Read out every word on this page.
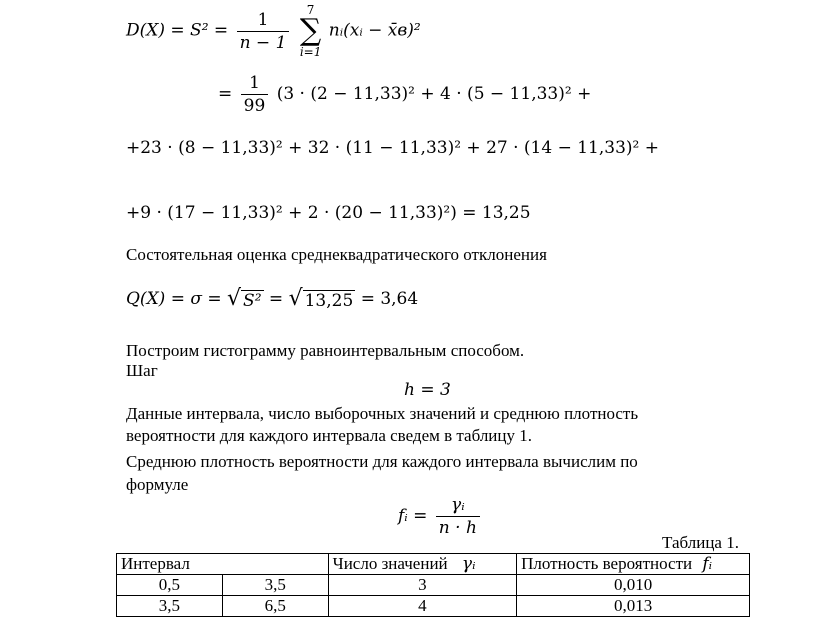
$D(X) = S^2 = \frac{1}{n - 1}$
7
∑
i=1
nᵢ(xᵢ − x̄в)²
= $\frac{1}{99} (3 \cdot (2 - 11,33)^2 + 4 \cdot (5 - 11,33)^2$ +
+23 · (8 − 11,33)² + 32 · (11 − 11,33)² + 27 · (14 − 11,33)² +
+9 · (17 − 11,33)² + 2 · (20 − 11,33)²) = 13,25
Состоятельная оценка среднеквадратического отклонения
Q(X) = σ = √ S² = √ 13,25 = 3,64
Построим гистограмму равноинтервальным способом.
Шаг
h = 3
Данные интервала, число выборочных значений и среднюю плотность
вероятности для каждого интервала сведем в таблицу 1.
Среднюю плотность вероятности для каждого интервала вычислим по
формуле
fᵢ = $\frac{\text{γᵢ}}{n \cdot h}$
Таблица 1.
Интервал		Число значений γᵢ	Плотность вероятности fᵢ
0,5	3,5	3	0,010
3,5	6,5	4	0,013
